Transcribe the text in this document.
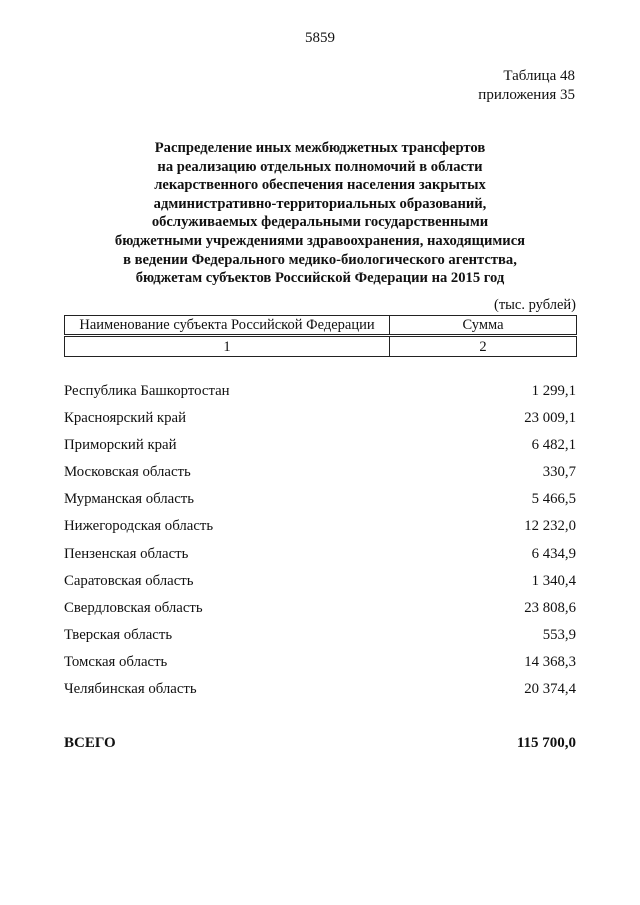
5859
Таблица 48
приложения 35
Распределение иных межбюджетных трансфертов
на реализацию отдельных полномочий в области
лекарственного обеспечения населения закрытых
административно-территориальных образований,
обслуживаемых федеральными государственными
бюджетными учреждениями здравоохранения, находящимися
в ведении Федерального медико-биологического агентства,
бюджетам субъектов Российской Федерации на 2015 год
(тыс. рублей)
Наименование субъекта Российской Федерации	Сумма
1	2
Республика Башкортостан	1 299,1
Красноярский край	23 009,1
Приморский край	6 482,1
Московская область	330,7
Мурманская область	5 466,5
Нижегородская область	12 232,0
Пензенская область	6 434,9
Саратовская область	1 340,4
Свердловская область	23 808,6
Тверская область	553,9
Томская область	14 368,3
Челябинская область	20 374,4
ВСЕГО	115 700,0
